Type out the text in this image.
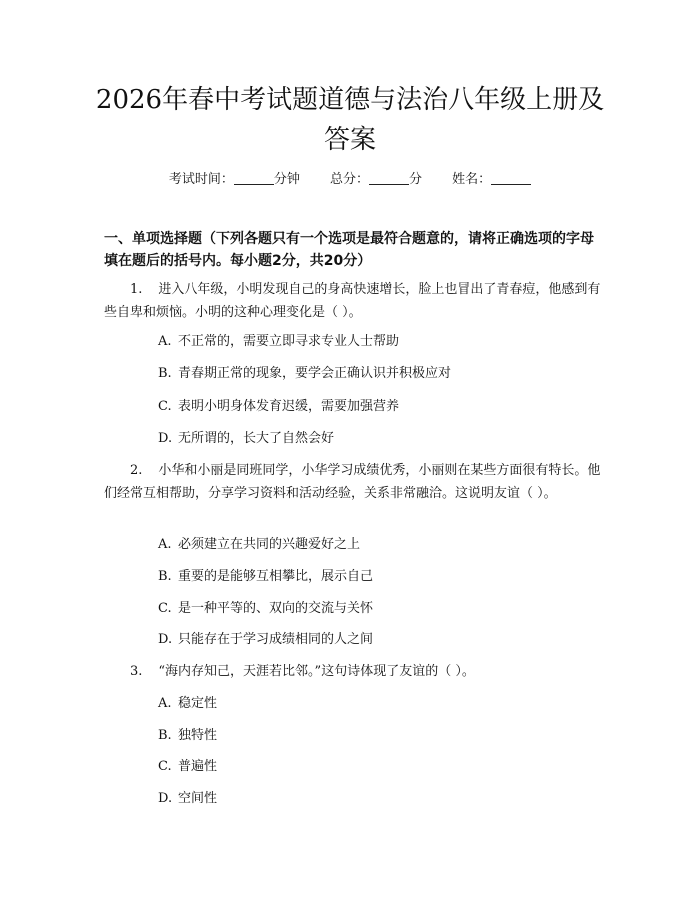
2026年春中考试题道德与法治八年级上册及
答案
考试时间：	分钟 总分：	分 姓名：
一、单项选择题（下列各题只有一个选项是最符合题意的，请将正确选项的字母填在题后的括号内。每小题2分，共20分）
1. 进入八年级，小明发现自己的身高快速增长，脸上也冒出了青春痘，他感到有些自卑和烦恼。小明的这种心理变化是（ ）。
A. 不正常的，需要立即寻求专业人士帮助
B. 青春期正常的现象，要学会正确认识并积极应对
C. 表明小明身体发育迟缓，需要加强营养
D. 无所谓的，长大了自然会好
2. 小华和小丽是同班同学，小华学习成绩优秀，小丽则在某些方面很有特长。他们经常互相帮助，分享学习资料和活动经验，关系非常融洽。这说明友谊（ ）。
A. 必须建立在共同的兴趣爱好之上
B. 重要的是能够互相攀比，展示自己
C. 是一种平等的、双向的交流与关怀
D. 只能存在于学习成绩相同的人之间
3. “海内存知己，天涯若比邻。”这句诗体现了友谊的（ ）。
A. 稳定性
B. 独特性
C. 普遍性
D. 空间性
